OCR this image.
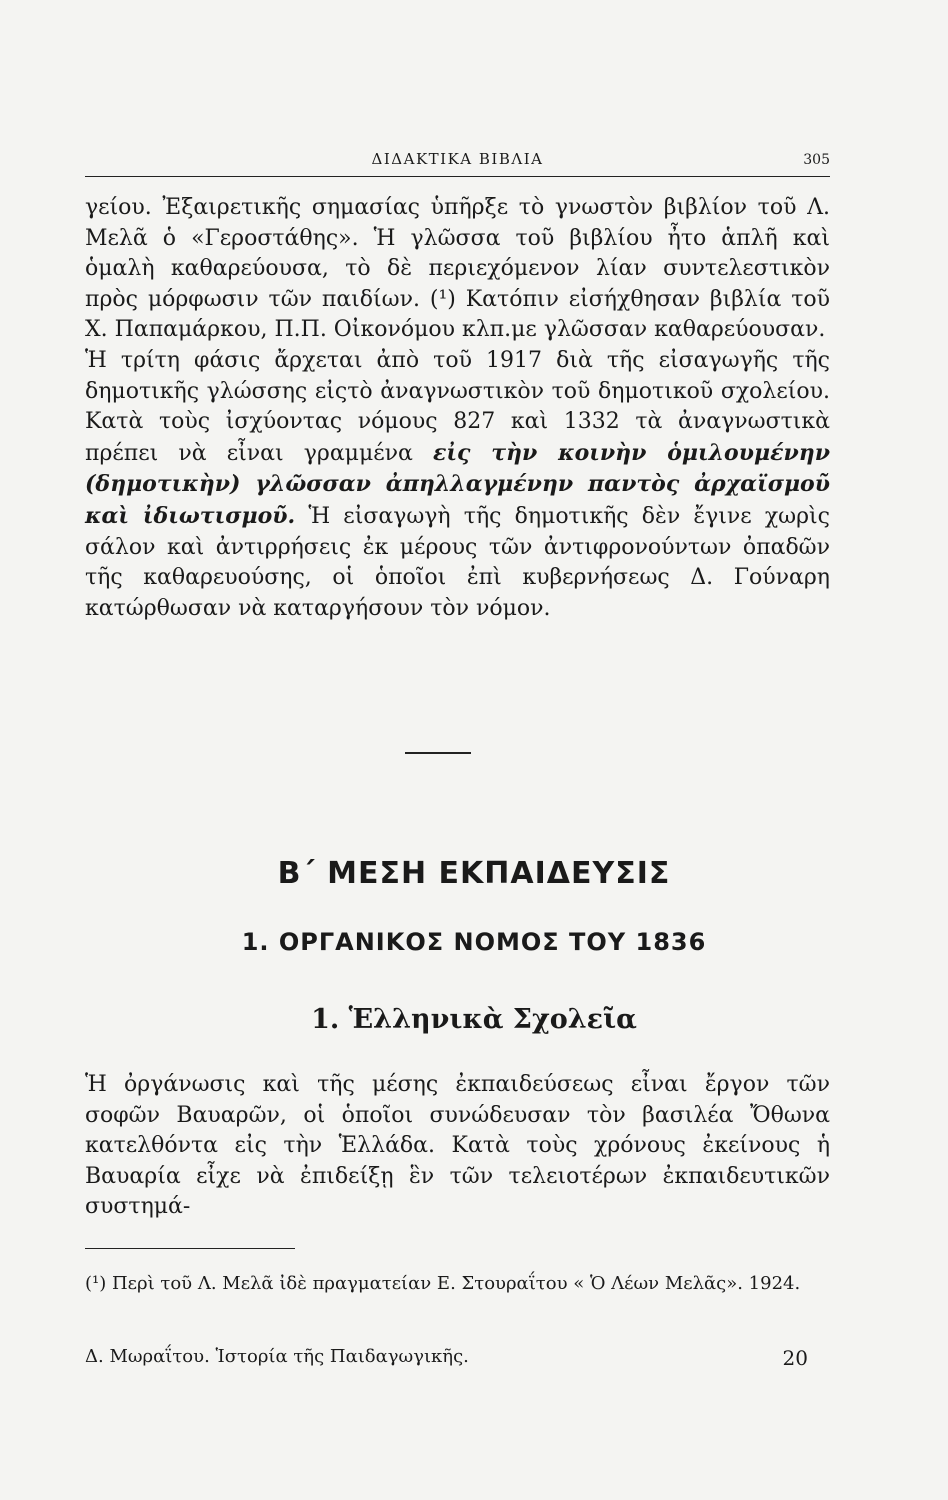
ΔΙΔΑΚΤΙΚΑ ΒΙΒΛΙΑ	305

γείου. Ἐξαιρετικῆς σημασίας ὑπῆρξε τὸ γνωστὸν βιβλίον τοῦ Λ. Μελᾶ ὁ «Γεροστάθης». Ἡ γλῶσσα τοῦ βιβλίου ἦτο ἁπλῆ καὶ ὁμαλὴ καθαρεύουσα, τὸ δὲ περιεχόμενον λίαν συντελεστικὸν πρὸς μόρφωσιν τῶν παιδίων. (¹) Κατόπιν εἰσήχθησαν βιβλία τοῦ Χ. Παπαμάρκου, Π.Π. Οἰκονόμου κλπ.με γλῶσσαν καθαρεύουσαν.

Ἡ τρίτη φάσις ἄρχεται ἀπὸ τοῦ 1917 διὰ τῆς εἰσαγωγῆς τῆς δημοτικῆς γλώσσης εἰςτὸ ἀναγνωστικὸν τοῦ δημοτικοῦ σχολείου. Κατὰ τοὺς ἰσχύοντας νόμους 827 καὶ 1332 τὰ ἀναγνωστικὰ πρέπει νὰ εἶναι γραμμένα εἰς τὴν κοινὴν ὁμιλουμένην (δημοτικὴν) γλῶσσαν ἀπηλλαγμένην παντὸς ἀρχαϊσμοῦ καὶ ἰδιωτισμοῦ. Ἡ εἰσαγωγὴ τῆς δημοτικῆς δὲν ἔγινε χωρὶς σάλον καὶ ἀντιρρήσεις ἐκ μέρους τῶν ἀντιφρονούντων ὀπαδῶν τῆς καθαρευούσης, οἱ ὁποῖοι ἐπὶ κυβερνήσεως Δ. Γούναρη κατώρθωσαν νὰ καταργήσουν τὸν νόμον.

Β΄ ΜΕΣΗ ΕΚΠΑΙΔΕΥΣΙΣ
1. ΟΡΓΑΝΙΚΟΣ ΝΟΜΟΣ ΤΟΥ 1836
1. Ἑλληνικὰ Σχολεῖα

Ἡ ὀργάνωσις καὶ τῆς μέσης ἐκπαιδεύσεως εἶναι ἔργον τῶν σοφῶν Βαυαρῶν, οἱ ὁποῖοι συνώδευσαν τὸν βασιλέα Ὄθωνα κατελθόντα εἰς τὴν Ἑλλάδα. Κατὰ τοὺς χρόνους ἐκείνους ἡ Βαυαρία εἶχε νὰ ἐπιδείξῃ ἓν τῶν τελειοτέρων ἐκπαιδευτικῶν συστημά-

(¹) Περὶ τοῦ Λ. Μελᾶ ἰδὲ πραγματείαν Ε. Στουραΐτου « Ὁ Λέων Μελᾶς». 1924.
Δ. Μωραΐτου. Ἱστορία τῆς Παιδαγωγικῆς.	20
